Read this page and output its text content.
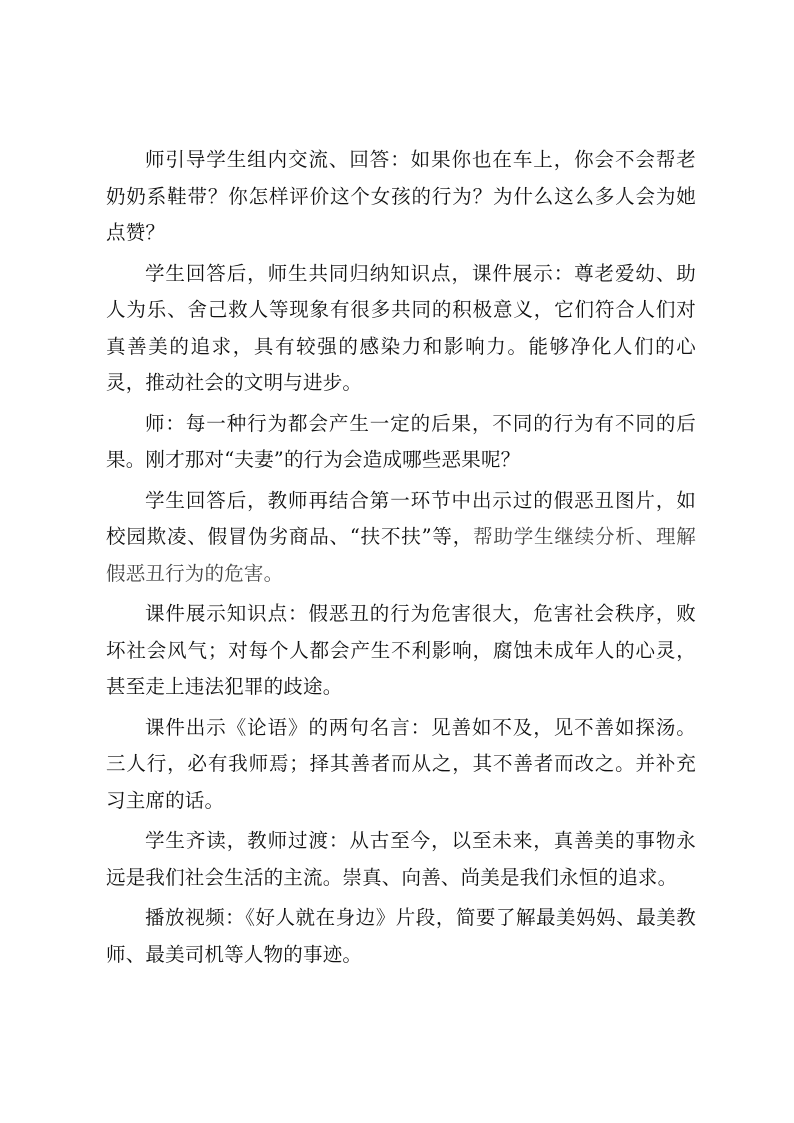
师引导学生组内交流、回答：如果你也在车上，你会不会帮老奶奶系鞋带？你怎样评价这个女孩的行为？为什么这么多人会为她点赞？

学生回答后，师生共同归纳知识点，课件展示：尊老爱幼、助人为乐、舍己救人等现象有很多共同的积极意义，它们符合人们对真善美的追求，具有较强的感染力和影响力。能够净化人们的心灵，推动社会的文明与进步。

师：每一种行为都会产生一定的后果，不同的行为有不同的后果。刚才那对“夫妻”的行为会造成哪些恶果呢？

学生回答后，教师再结合第一环节中出示过的假恶丑图片，如校园欺凌、假冒伪劣商品、“扶不扶”等，帮助学生继续分析、理解假恶丑行为的危害。

课件展示知识点：假恶丑的行为危害很大，危害社会秩序，败坏社会风气；对每个人都会产生不利影响，腐蚀未成年人的心灵，甚至走上违法犯罪的歧途。

课件出示《论语》的两句名言：见善如不及，见不善如探汤。三人行，必有我师焉；择其善者而从之，其不善者而改之。并补充习主席的话。

学生齐读，教师过渡：从古至今，以至未来，真善美的事物永远是我们社会生活的主流。崇真、向善、尚美是我们永恒的追求。

播放视频：《好人就在身边》片段，简要了解最美妈妈、最美教师、最美司机等人物的事迹。
